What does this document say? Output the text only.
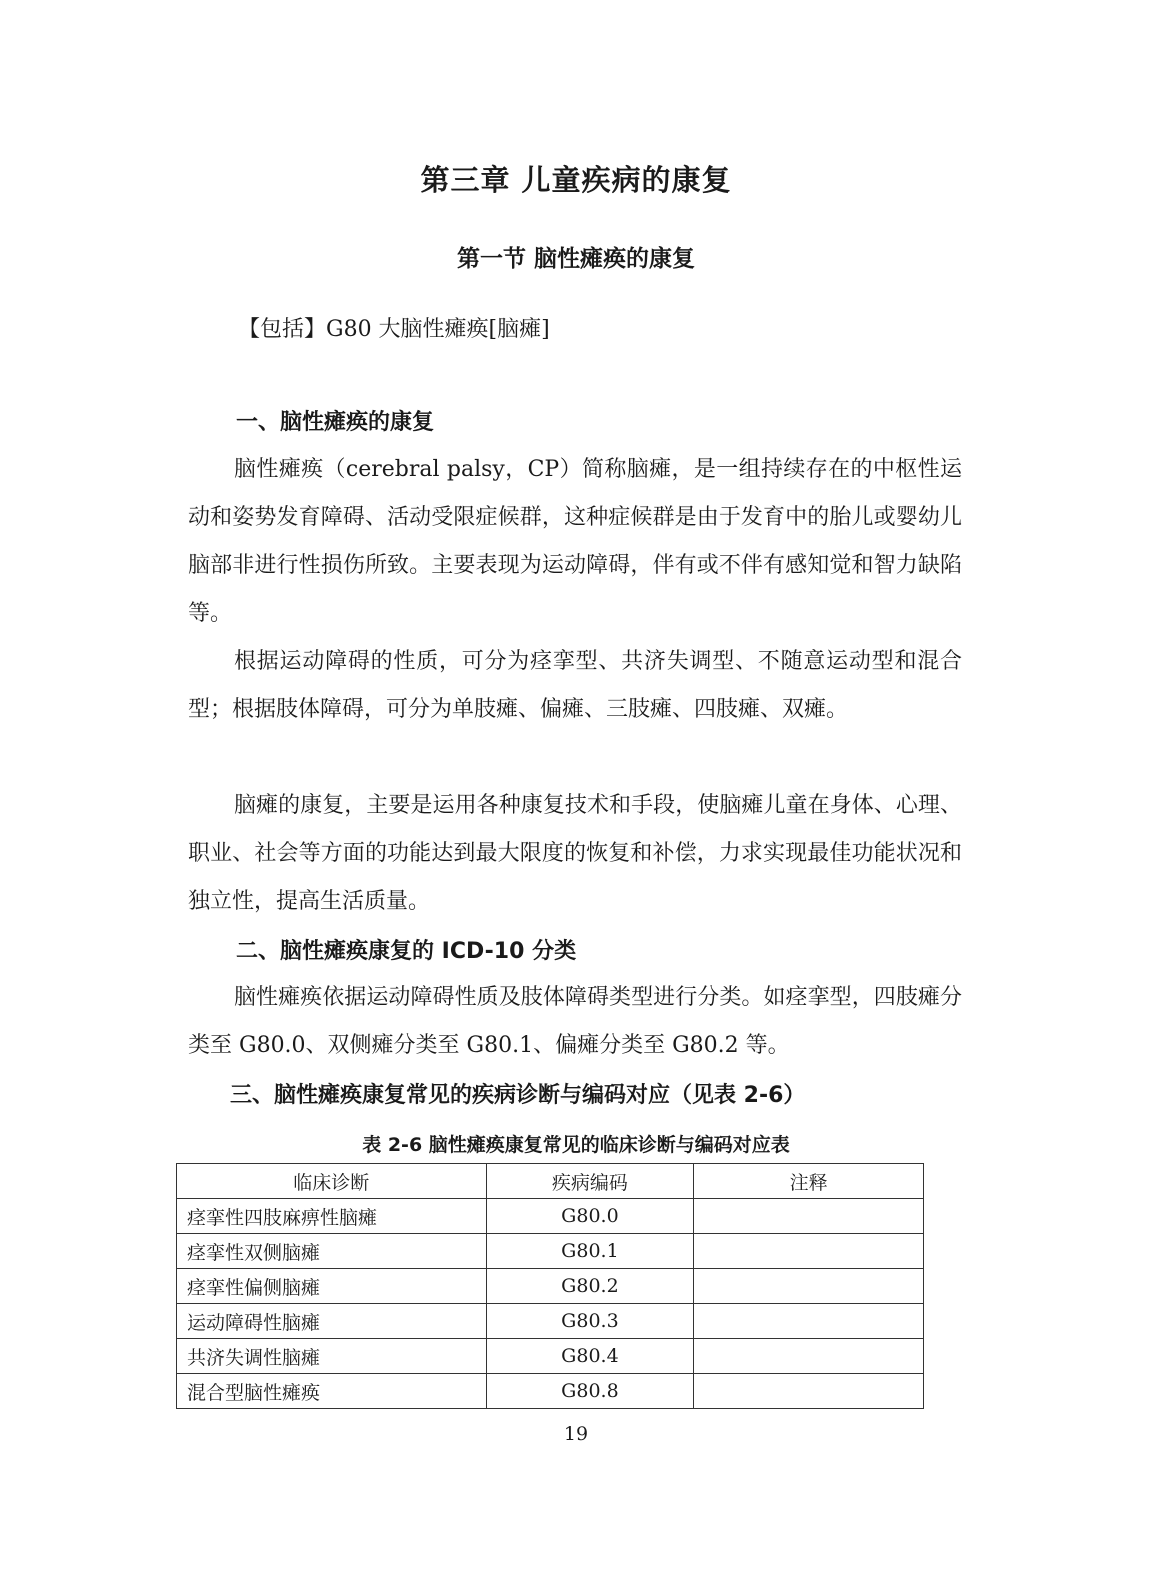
第三章 儿童疾病的康复
第一节 脑性瘫痪的康复
【包括】G80 大脑性瘫痪[脑瘫]
一、脑性瘫痪的康复

脑性瘫痪（cerebral palsy，CP）简称脑瘫，是一组持续存在的中枢性运动和姿势发育障碍、活动受限症候群，这种症候群是由于发育中的胎儿或婴幼儿脑部非进行性损伤所致。主要表现为运动障碍，伴有或不伴有感知觉和智力缺陷等。

根据运动障碍的性质，可分为痉挛型、共济失调型、不随意运动型和混合型；根据肢体障碍，可分为单肢瘫、偏瘫、三肢瘫、四肢瘫、双瘫。

脑瘫的康复，主要是运用各种康复技术和手段，使脑瘫儿童在身体、心理、职业、社会等方面的功能达到最大限度的恢复和补偿，力求实现最佳功能状况和独立性，提高生活质量。

二、脑性瘫痪康复的 ICD-10 分类

脑性瘫痪依据运动障碍性质及肢体障碍类型进行分类。如痉挛型，四肢瘫分类至 G80.0、双侧瘫分类至 G80.1、偏瘫分类至 G80.2 等。

三、脑性瘫痪康复常见的疾病诊断与编码对应（见表 2-6）
表 2-6 脑性瘫痪康复常见的临床诊断与编码对应表
临床诊断	疾病编码	注释
痉挛性四肢麻痹性脑瘫	G80.0	
痉挛性双侧脑瘫	G80.1	
痉挛性偏侧脑瘫	G80.2	
运动障碍性脑瘫	G80.3	
共济失调性脑瘫	G80.4	
混合型脑性瘫痪	G80.8	
19
